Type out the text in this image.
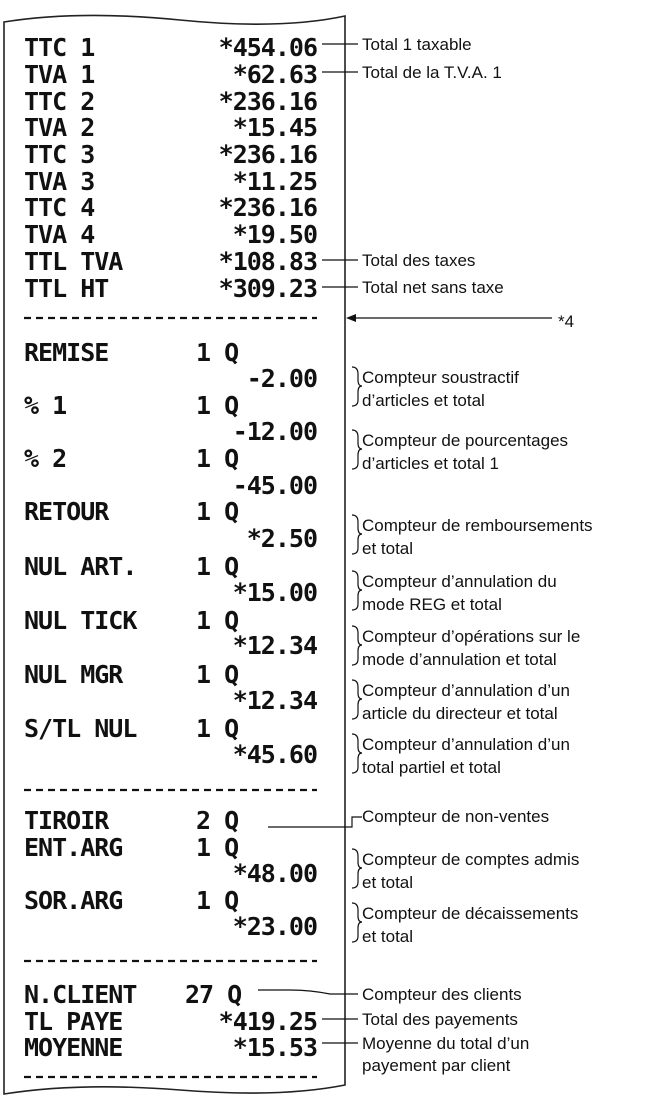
TTC 1	*454.06
TVA 1	*62.63
TTC 2	*236.16
TVA 2	*15.45
TTC 3	*236.16
TVA 3	*11.25
TTC 4	*236.16
TVA 4	*19.50
TTL TVA	*108.83
TTL HT	*309.23
REMISE	1 Q
-2.00
% 1	1 Q
-12.00
% 2	1 Q
-45.00
RETOUR	1 Q
*2.50
NUL ART. 1 Q
*15.00
NUL TICK 1 Q
*12.34
NUL MGR	1 Q
*12.34
S/TL NUL 1 Q
*45.60
TIROIR	2 Q
ENT.ARG	1 Q
*48.00
SOR.ARG	1 Q
*23.00
N.CLIENT 27 Q
TL PAYE	*419.25
MOYENNE	*15.53
Total 1 taxable
Total de la T.V.A. 1
Total des taxes
Total net sans taxe
*4
Compteur soustractif
d’articles et total
Compteur de pourcentages
d’articles et total 1
Compteur de remboursements
et total
Compteur d’annulation du
mode REG et total
Compteur d’opérations sur le
mode d’annulation et total
Compteur d’annulation d’un
article du directeur et total
Compteur d’annulation d’un
total partiel et total
Compteur de non-ventes
Compteur de comptes admis
et total
Compteur de décaissements
et total
Compteur des clients
Total des payements
Moyenne du total d’un
payement par client
